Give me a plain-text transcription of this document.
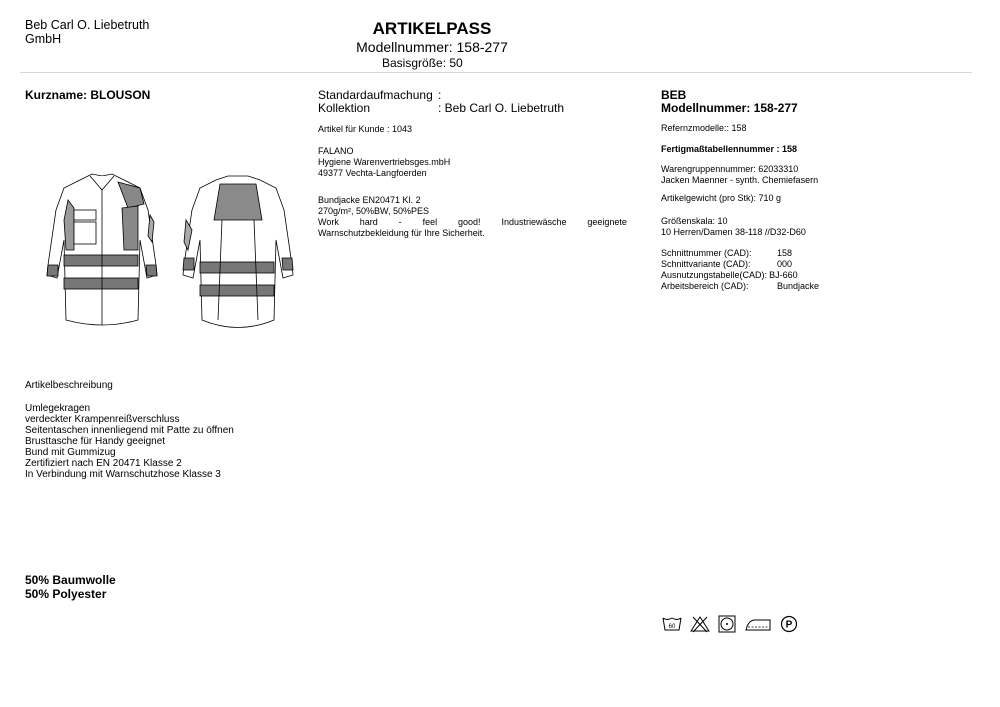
Beb Carl O. Liebetruth
GmbH
ARTIKELPASS
Modellnummer: 158-277
Basisgröße: 50
Kurzname: BLOUSON
Artikelbeschreibung
Umlegekragen
verdeckter Krampenreißverschluss
Seitentaschen innenliegend mit Patte zu öffnen
Brusttasche für Handy geeignet
Bund mit Gummizug
Zertifiziert nach EN 20471 Klasse 2
In Verbindung mit Warnschutzhose Klasse 3
50% Baumwolle
50% Polyester
Standardaufmachung :
Kollektion	: Beb Carl O. Liebetruth
Artikel für Kunde : 1043
FALANO
Hygiene Warenvertriebsges.mbH
49377 Vechta-Langfoerden
Bundjacke EN20471 Kl. 2
270g/m², 50%BW, 50%PES
Work hard - feel good! Industriewäsche geeignete
Warnschutzbekleidung für Ihre Sicherheit.
BEB
Modellnummer: 158-277
Refernzmodelle:: 158
Fertigmaßtabellennummer : 158
Warengruppennummer: 62033310
Jacken Maenner - synth. Chemiefasern
Artikelgewicht (pro Stk): 710 g
Größenskala: 10
10 Herren/Damen 38-118 //D32-D60
Schnittnummer (CAD):	158
Schnittvariante (CAD):	000
Ausnutzungstabelle(CAD): BJ-660
Arbeitsbereich (CAD):	Bundjacke
60	P
